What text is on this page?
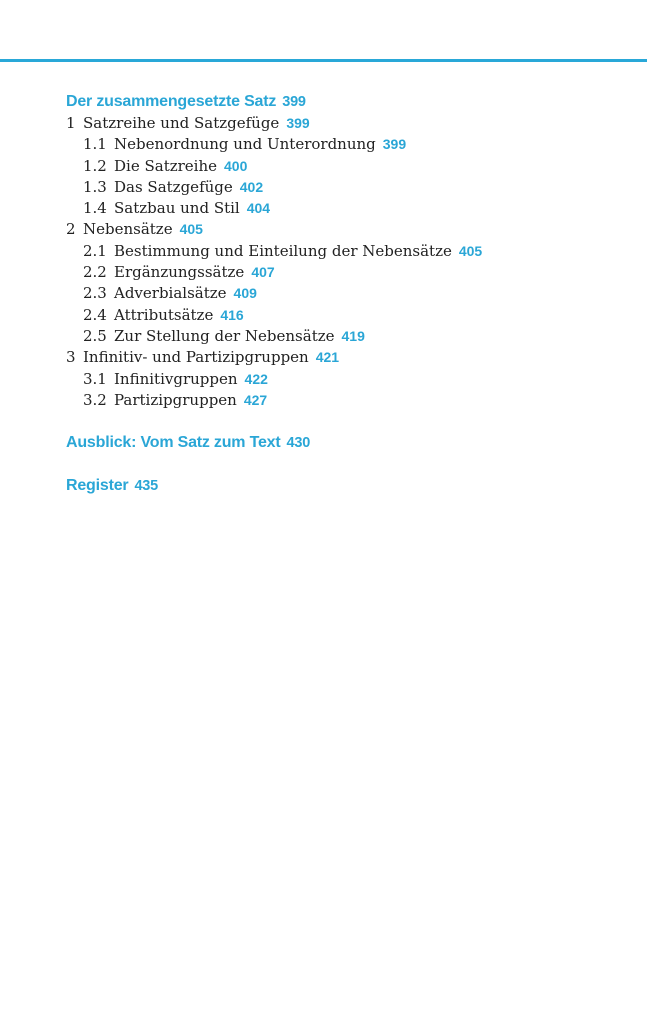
Der zusammengesetzte Satz 399
1 Satzreihe und Satzgefüge 399
1.1 Nebenordnung und Unterordnung 399
1.2 Die Satzreihe 400
1.3 Das Satzgefüge 402
1.4 Satzbau und Stil 404
2 Nebensätze 405
2.1 Bestimmung und Einteilung der Nebensätze 405
2.2 Ergänzungssätze 407
2.3 Adverbialsätze 409
2.4 Attributsätze 416
2.5 Zur Stellung der Nebensätze 419
3 Infinitiv- und Partizipgruppen 421
3.1 Infinitivgruppen 422
3.2 Partizipgruppen 427
Ausblick: Vom Satz zum Text 430
Register 435
